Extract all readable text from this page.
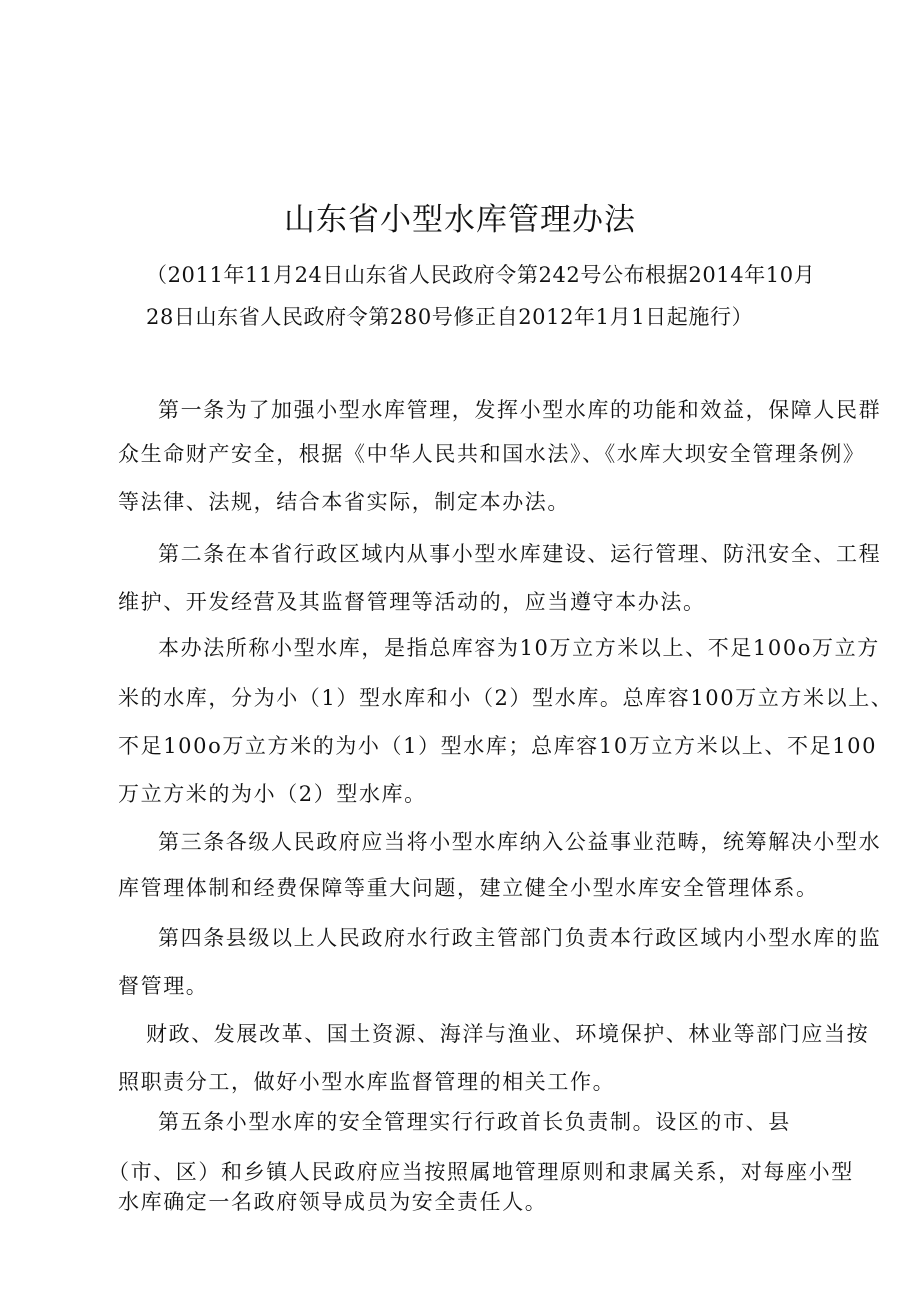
山东省小型水库管理办法
（2011年11月24日山东省人民政府令第242号公布根据2014年10月
28日山东省人民政府令第280号修正自2012年1月1日起施行）
第一条为了加强小型水库管理，发挥小型水库的功能和效益，保障人民群
众生命财产安全，根据《中华人民共和国水法》、《水库大坝安全管理条例》
等法律、法规，结合本省实际，制定本办法。
第二条在本省行政区域内从事小型水库建设、运行管理、防汛安全、工程
维护、开发经营及其监督管理等活动的，应当遵守本办法。
本办法所称小型水库，是指总库容为10万立方米以上、不足100o万立方
米的水库，分为小（1）型水库和小（2）型水库。总库容100万立方米以上、
不足100o万立方米的为小（1）型水库；总库容10万立方米以上、不足100
万立方米的为小（2）型水库。
第三条各级人民政府应当将小型水库纳入公益事业范畴，统筹解决小型水
库管理体制和经费保障等重大问题，建立健全小型水库安全管理体系。
第四条县级以上人民政府水行政主管部门负责本行政区域内小型水库的监
督管理。
财政、发展改革、国土资源、海洋与渔业、环境保护、林业等部门应当按
照职责分工，做好小型水库监督管理的相关工作。
第五条小型水库的安全管理实行行政首长负责制。设区的市、县
（市、区）和乡镇人民政府应当按照属地管理原则和隶属关系，对每座小型
水库确定一名政府领导成员为安全责任人。
